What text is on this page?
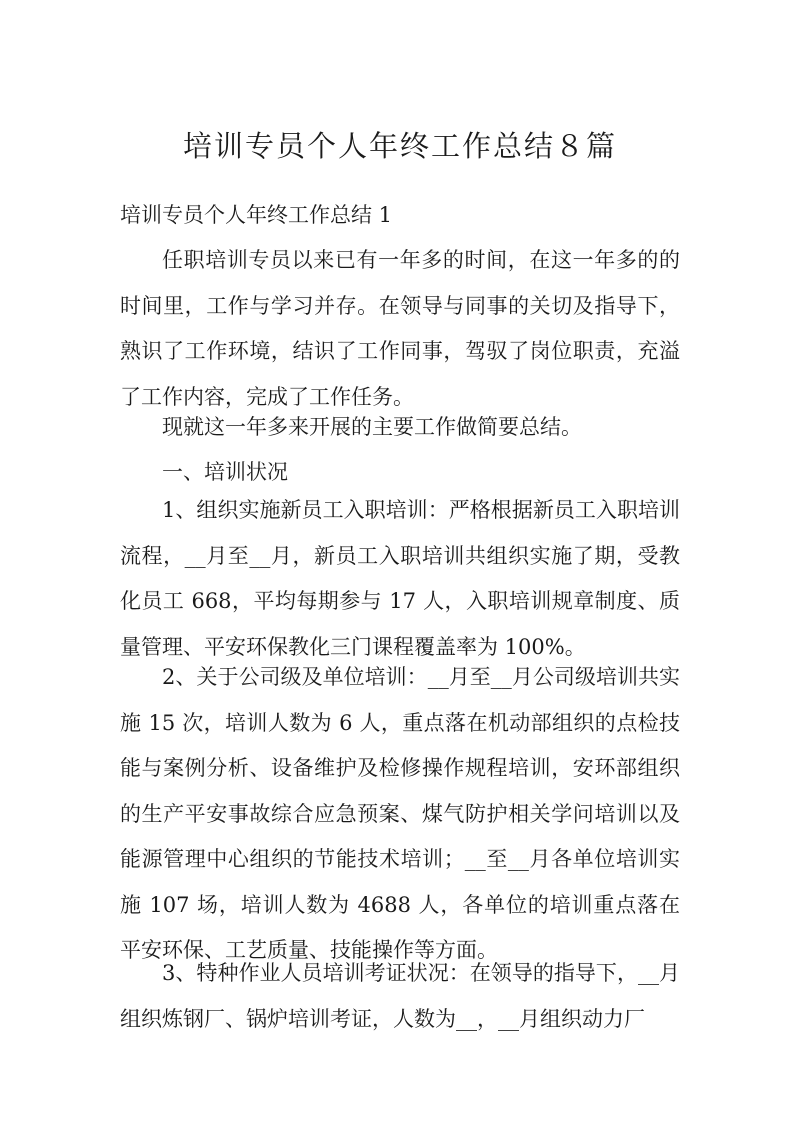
培训专员个人年终工作总结８篇
培训专员个人年终工作总结 1

任职培训专员以来已有一年多的时间，在这一年多的的时间里，工作与学习并存。在领导与同事的关切及指导下，熟识了工作环境，结识了工作同事，驾驭了岗位职责，充溢了工作内容，完成了工作任务。

现就这一年多来开展的主要工作做简要总结。

一、培训状况

1、组织实施新员工入职培训：严格根据新员工入职培训流程，__月至__月，新员工入职培训共组织实施了期，受教化员工 668，平均每期参与 17 人，入职培训规章制度、质量管理、平安环保教化三门课程覆盖率为 100%。

2、关于公司级及单位培训：__月至__月公司级培训共实施 15 次，培训人数为 6 人，重点落在机动部组织的点检技能与案例分析、设备维护及检修操作规程培训，安环部组织的生产平安事故综合应急预案、煤气防护相关学问培训以及能源管理中心组织的节能技术培训；__至__月各单位培训实施 107 场，培训人数为 4688 人，各单位的培训重点落在平安环保、工艺质量、技能操作等方面。

3、特种作业人员培训考证状况：在领导的指导下，__月组织炼钢厂、锅炉培训考证，人数为__，__月组织动力厂
